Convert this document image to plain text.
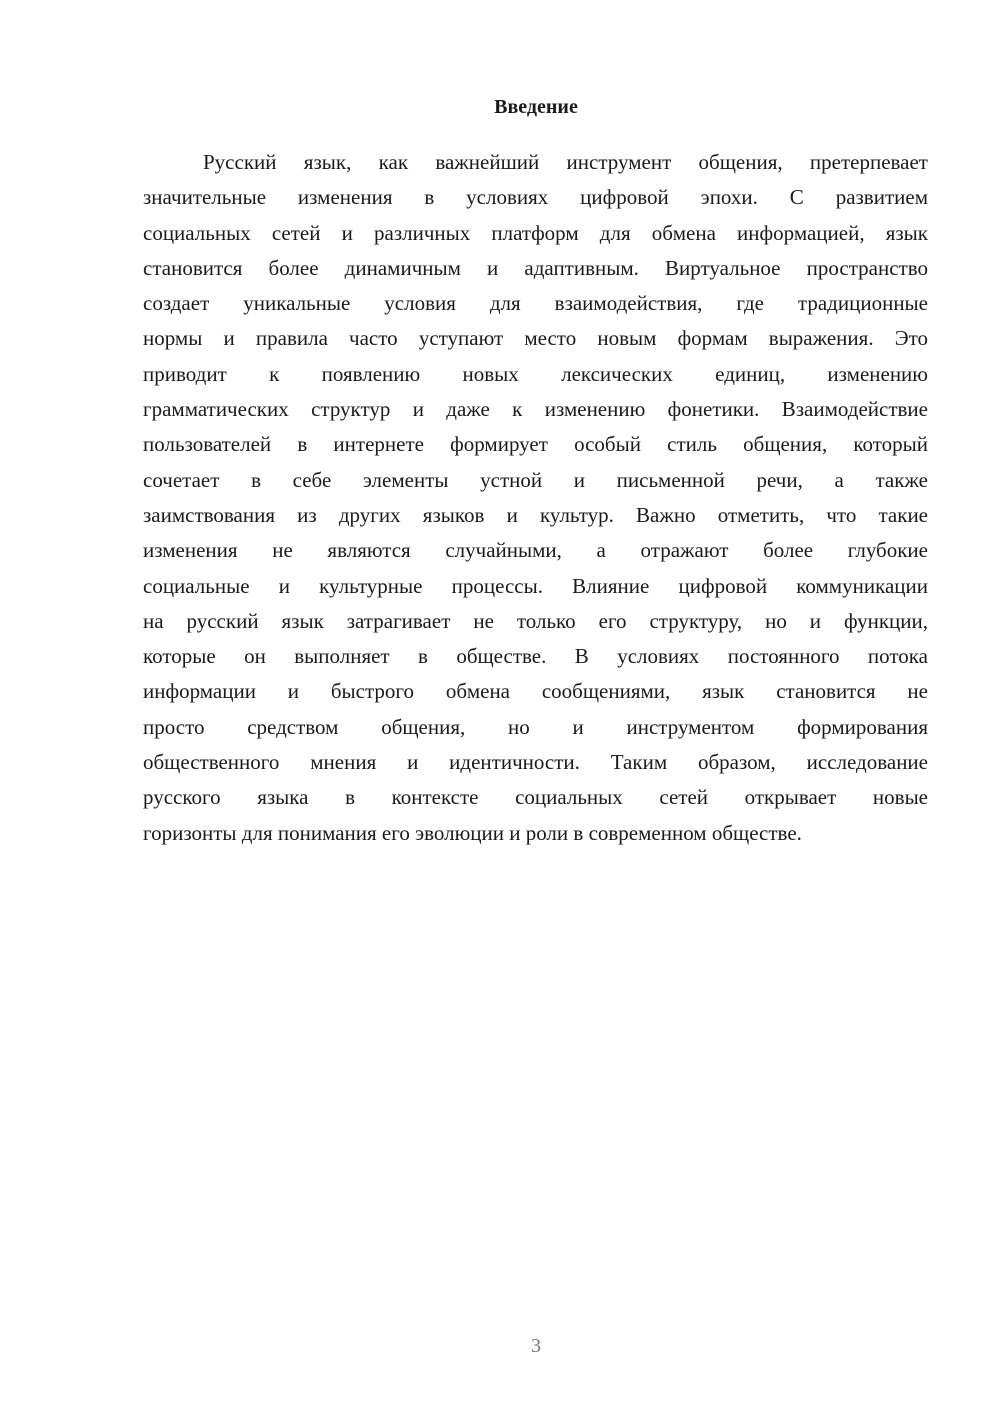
Введение
Русский язык, как важнейший инструмент общения, претерпевает
значительные изменения в условиях цифровой эпохи. С развитием
социальных сетей и различных платформ для обмена информацией, язык
становится более динамичным и адаптивным. Виртуальное пространство
создает уникальные условия для взаимодействия, где традиционные
нормы и правила часто уступают место новым формам выражения. Это
приводит к появлению новых лексических единиц, изменению
грамматических структур и даже к изменению фонетики. Взаимодействие
пользователей в интернете формирует особый стиль общения, который
сочетает в себе элементы устной и письменной речи, а также
заимствования из других языков и культур. Важно отметить, что такие
изменения не являются случайными, а отражают более глубокие
социальные и культурные процессы. Влияние цифровой коммуникации
на русский язык затрагивает не только его структуру, но и функции,
которые он выполняет в обществе. В условиях постоянного потока
информации и быстрого обмена сообщениями, язык становится не
просто средством общения, но и инструментом формирования
общественного мнения и идентичности. Таким образом, исследование
русского языка в контексте социальных сетей открывает новые
горизонты для понимания его эволюции и роли в современном обществе.
3
